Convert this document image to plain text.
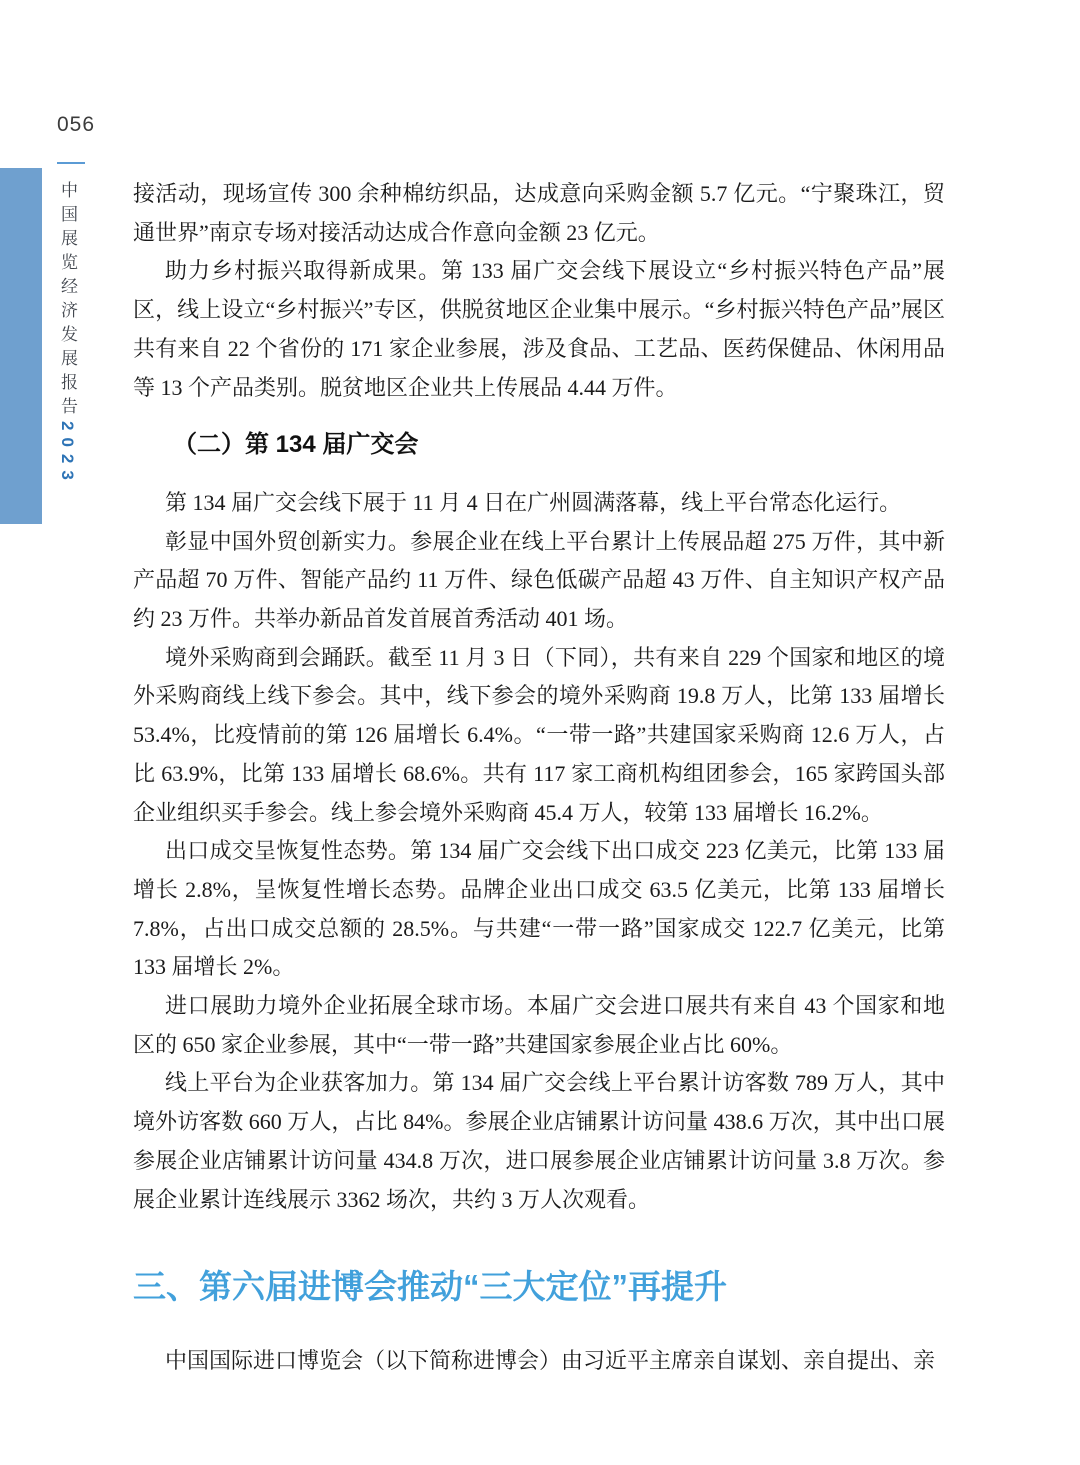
056
中国展览经济发展报告2023

接活动，现场宣传 300 余种棉纺织品，达成意向采购金额 5.7 亿元。“宁聚珠江，贸通世界”南京专场对接活动达成合作意向金额 23 亿元。

助力乡村振兴取得新成果。第 133 届广交会线下展设立“乡村振兴特色产品”展区，线上设立“乡村振兴”专区，供脱贫地区企业集中展示。“乡村振兴特色产品”展区共有来自 22 个省份的 171 家企业参展，涉及食品、工艺品、医药保健品、休闲用品等 13 个产品类别。脱贫地区企业共上传展品 4.44 万件。

（二）第 134 届广交会

第 134 届广交会线下展于 11 月 4 日在广州圆满落幕，线上平台常态化运行。

彰显中国外贸创新实力。参展企业在线上平台累计上传展品超 275 万件，其中新产品超 70 万件、智能产品约 11 万件、绿色低碳产品超 43 万件、自主知识产权产品约 23 万件。共举办新品首发首展首秀活动 401 场。

境外采购商到会踊跃。截至 11 月 3 日（下同），共有来自 229 个国家和地区的境外采购商线上线下参会。其中，线下参会的境外采购商 19.8 万人，比第 133 届增长 53.4%，比疫情前的第 126 届增长 6.4%。“一带一路”共建国家采购商 12.6 万人，占比 63.9%，比第 133 届增长 68.6%。共有 117 家工商机构组团参会，165 家跨国头部企业组织买手参会。线上参会境外采购商 45.4 万人，较第 133 届增长 16.2%。

出口成交呈恢复性态势。第 134 届广交会线下出口成交 223 亿美元，比第 133 届增长 2.8%，呈恢复性增长态势。品牌企业出口成交 63.5 亿美元，比第 133 届增长 7.8%，占出口成交总额的 28.5%。与共建“一带一路”国家成交 122.7 亿美元，比第 133 届增长 2%。

进口展助力境外企业拓展全球市场。本届广交会进口展共有来自 43 个国家和地区的 650 家企业参展，其中“一带一路”共建国家参展企业占比 60%。

线上平台为企业获客加力。第 134 届广交会线上平台累计访客数 789 万人，其中境外访客数 660 万人，占比 84%。参展企业店铺累计访问量 438.6 万次，其中出口展参展企业店铺累计访问量 434.8 万次，进口展参展企业店铺累计访问量 3.8 万次。参展企业累计连线展示 3362 场次，共约 3 万人次观看。

三、第六届进博会推动“三大定位”再提升

中国国际进口博览会（以下简称进博会）由习近平主席亲自谋划、亲自提出、亲
